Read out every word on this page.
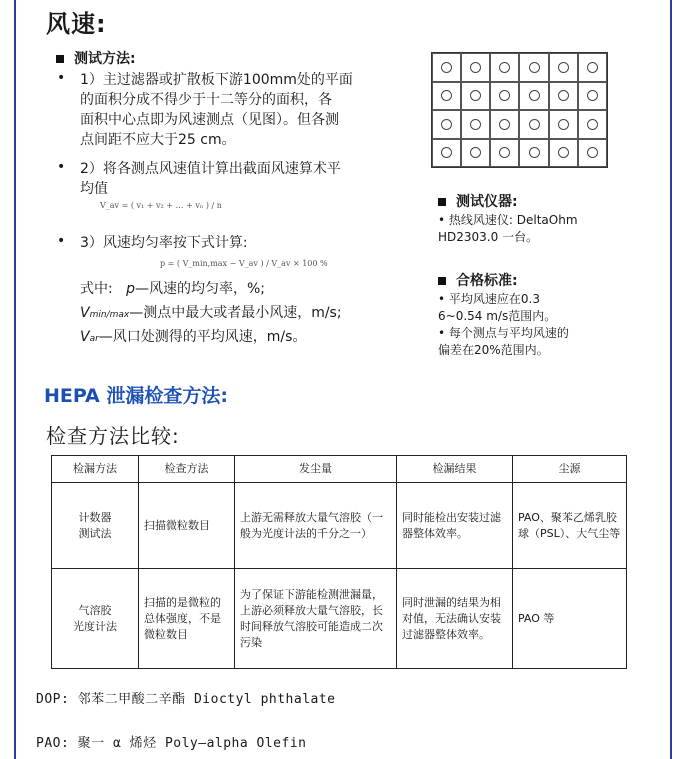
风速:
测试方法:
• 1）主过滤器或扩散板下游100mm处的平面
的面积分成不得少于十二等分的面积，各
面积中心点即为风速测点（见图）。但各测
点间距不应大于25 cm。
• 2）将各测点风速值计算出截面风速算术平
均值
V_av = ( v₁ + v₂ + … + vₙ ) / n
• 3）风速均匀率按下式计算:
p = ( V_min,max − V_av ) / V_av × 100 %
式中: p—风速的均匀率，%;
Vmin/max—测点中最大或者最小风速，m/s;
Var—风口处测得的平均风速，m/s。
测试仪器:
• 热线风速仪: DeltaOhm
HD2303.0 一台。
合格标准:
• 平均风速应在0.3
6~0.54 m/s范围内。
• 每个测点与平均风速的
偏差在20%范围内。
HEPA 泄漏检查方法:
检查方法比较:
检漏方法	检查方法	发尘量	检漏结果	尘源
计数器
测试法	扫描微粒数目	上游无需释放大量气溶胶（一般为光度计法的千分之一）	同时能检出安装过滤器整体效率。	PAO、聚苯乙烯乳胶球（PSL）、大气尘等
气溶胶
光度计法	扫描的是微粒的总体强度，不是微粒数目	为了保证下游能检测泄漏量，上游必须释放大量气溶胶，长时间释放气溶胶可能造成二次污染	同时泄漏的结果为相对值，无法确认安装过滤器整体效率。	PAO 等
DOP: 邻苯二甲酸二辛酯 Dioctyl phthalate
PAO: 聚一 α 烯烃 Poly—alpha Olefin
